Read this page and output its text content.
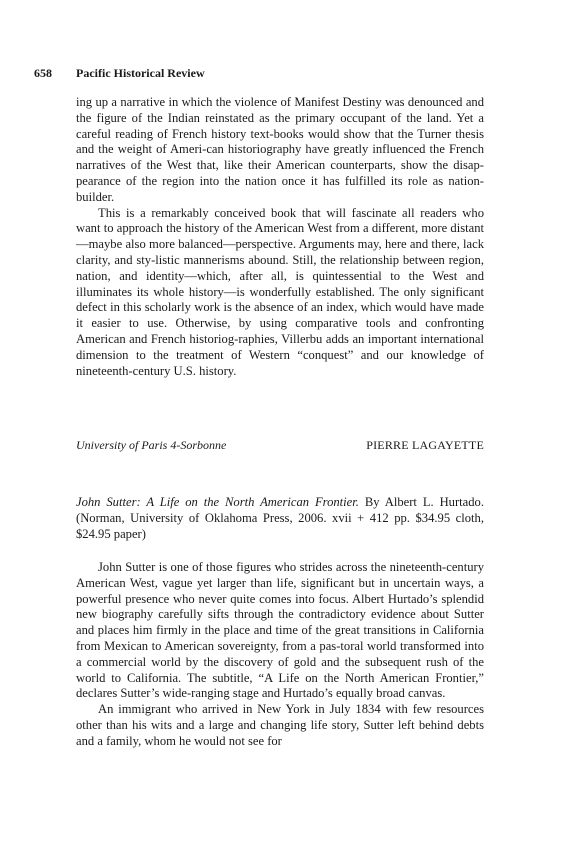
658 Pacific Historical Review

ing up a narrative in which the violence of Manifest Destiny was denounced and the figure of the Indian reinstated as the primary occupant of the land. Yet a careful reading of French history text-books would show that the Turner thesis and the weight of Ameri-can historiography have greatly influenced the French narratives of the West that, like their American counterparts, show the disap-pearance of the region into the nation once it has fulfilled its role as nation-builder.

This is a remarkably conceived book that will fascinate all readers who want to approach the history of the American West from a different, more distant—maybe also more balanced—perspective. Arguments may, here and there, lack clarity, and sty-listic mannerisms abound. Still, the relationship between region, nation, and identity—which, after all, is quintessential to the West and illuminates its whole history—is wonderfully established. The only significant defect in this scholarly work is the absence of an index, which would have made it easier to use. Otherwise, by using comparative tools and confronting American and French historiog-raphies, Villerbu adds an important international dimension to the treatment of Western “conquest” and our knowledge of nineteenth-century U.S. history.

University of Paris 4-Sorbonne	PIERRE LAGAYETTE
John Sutter: A Life on the North American Frontier. By Albert L. Hurtado. (Norman, University of Oklahoma Press, 2006. xvii + 412 pp. $34.95 cloth, $24.95 paper)

John Sutter is one of those figures who strides across the nineteenth-century American West, vague yet larger than life, significant but in uncertain ways, a powerful presence who never quite comes into focus. Albert Hurtado’s splendid new biography carefully sifts through the contradictory evidence about Sutter and places him firmly in the place and time of the great transitions in California from Mexican to American sovereignty, from a pas-toral world transformed into a commercial world by the discovery of gold and the subsequent rush of the world to California. The subtitle, “A Life on the North American Frontier,” declares Sutter’s wide-ranging stage and Hurtado’s equally broad canvas.

An immigrant who arrived in New York in July 1834 with few resources other than his wits and a large and changing life story, Sutter left behind debts and a family, whom he would not see for
